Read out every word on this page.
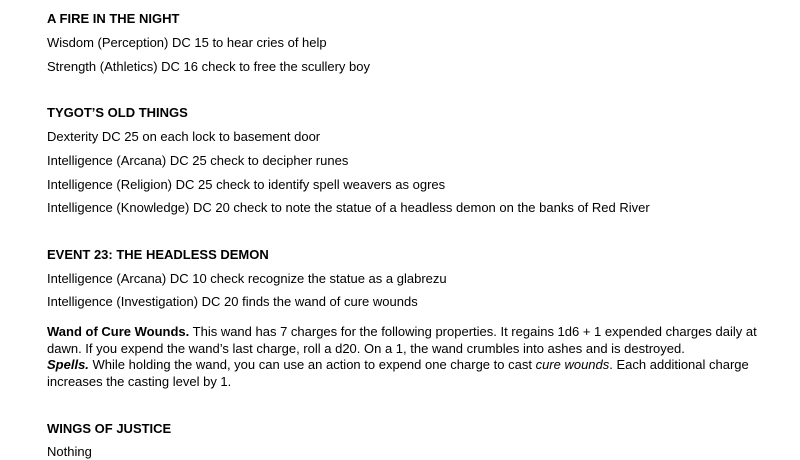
A FIRE IN THE NIGHT
Wisdom (Perception) DC 15 to hear cries of help
Strength (Athletics) DC 16 check to free the scullery boy
TYGOT’S OLD THINGS
Dexterity DC 25 on each lock to basement door
Intelligence (Arcana) DC 25 check to decipher runes
Intelligence (Religion) DC 25 check to identify spell weavers as ogres
Intelligence (Knowledge) DC 20 check to note the statue of a headless demon on the banks of Red River
EVENT 23: THE HEADLESS DEMON
Intelligence (Arcana) DC 10 check recognize the statue as a glabrezu
Intelligence (Investigation) DC 20 finds the wand of cure wounds
Wand of Cure Wounds. This wand has 7 charges for the following properties. It regains 1d6 + 1 expended charges daily at dawn. If you expend the wand’s last charge, roll a d20. On a 1, the wand crumbles into ashes and is destroyed.
Spells. While holding the wand, you can use an action to expend one charge to cast cure wounds. Each additional charge increases the casting level by 1.
WINGS OF JUSTICE
Nothing
